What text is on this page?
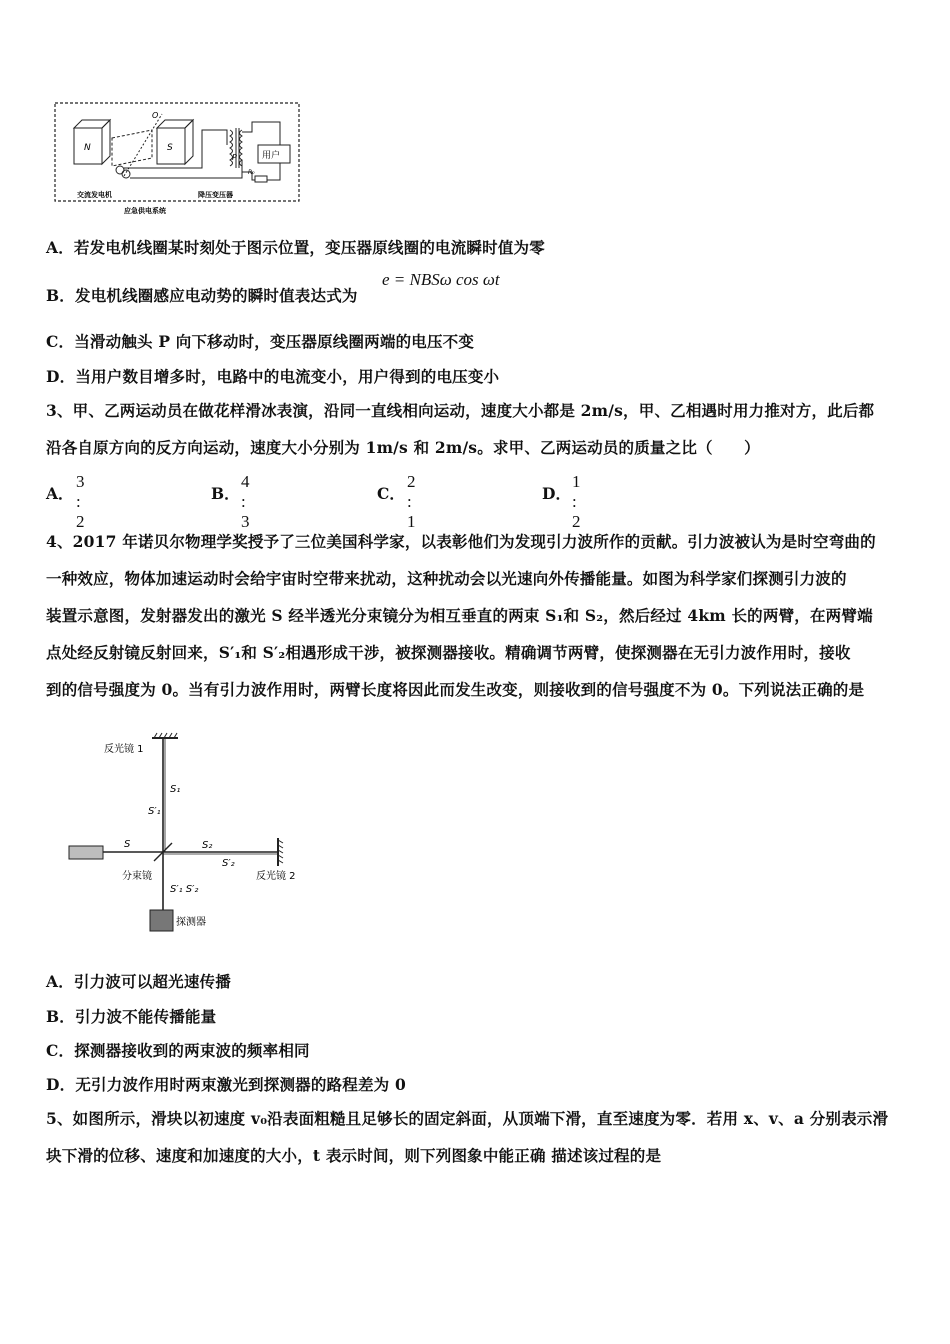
N	S
O
P	用户
R₀
交流发电机	降压变压器
应急供电系统
A．若发电机线圈某时刻处于图示位置，变压器原线圈的电流瞬时值为零
B．发电机线圈感应电动势的瞬时值表达式为
e = NBSω cos ωt
C．当滑动触头 P 向下移动时，变压器原线圈两端的电压不变
D．当用户数目增多时，电路中的电流变小，用户得到的电压变小
3、甲、乙两运动员在做花样滑冰表演，沿同一直线相向运动，速度大小都是 2m/s，甲、乙相遇时用力推对方，此后都
沿各自原方向的反方向运动，速度大小分别为 1m/s 和 2m/s。求甲、乙两运动员的质量之比（　　）
A．
3 : 2
B．
4 : 3
C．
2 : 1
D．
1 : 2
4、2017 年诺贝尔物理学奖授予了三位美国科学家，以表彰他们为发现引力波所作的贡献。引力波被认为是时空弯曲的
一种效应，物体加速运动时会给宇宙时空带来扰动，这种扰动会以光速向外传播能量。如图为科学家们探测引力波的
装置示意图，发射器发出的激光 S 经半透光分束镜分为相互垂直的两束 S₁和 S₂，然后经过 4km 长的两臂，在两臂端
点处经反射镜反射回来，S′₁和 S′₂相遇形成干涉，被探测器接收。精确调节两臂，使探测器在无引力波作用时，接收
到的信号强度为 0。当有引力波作用时，两臂长度将因此而发生改变，则接收到的信号强度不为 0。下列说法正确的是
反光镜 1
S₁
S′₁
S
分束镜
S₂
S′₂
反光镜 2
S′₁ S′₂
探测器
A．引力波可以超光速传播
B．引力波不能传播能量
C．探测器接收到的两束波的频率相同
D．无引力波作用时两束激光到探测器的路程差为 0
5、如图所示，滑块以初速度 v₀沿表面粗糙且足够长的固定斜面，从顶端下滑，直至速度为零．若用 x、v、a 分别表示滑
块下滑的位移、速度和加速度的大小，t 表示时间，则下列图象中能正确 描述该过程的是
